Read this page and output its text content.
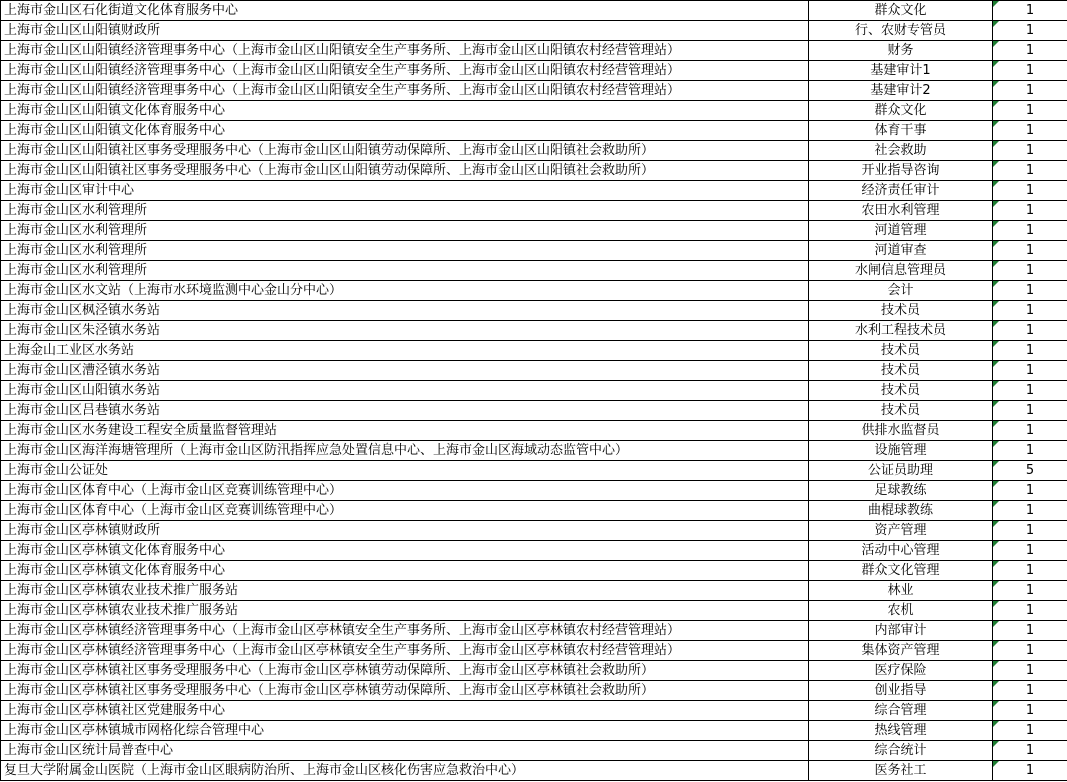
上海市金山区石化街道文化体育服务中心	群众文化	1
上海市金山区山阳镇财政所	行、农财专管员	1
上海市金山区山阳镇经济管理事务中心（上海市金山区山阳镇安全生产事务所、上海市金山区山阳镇农村经营管理站）	财务	1
上海市金山区山阳镇经济管理事务中心（上海市金山区山阳镇安全生产事务所、上海市金山区山阳镇农村经营管理站）	基建审计1	1
上海市金山区山阳镇经济管理事务中心（上海市金山区山阳镇安全生产事务所、上海市金山区山阳镇农村经营管理站）	基建审计2	1
上海市金山区山阳镇文化体育服务中心	群众文化	1
上海市金山区山阳镇文化体育服务中心	体育干事	1
上海市金山区山阳镇社区事务受理服务中心（上海市金山区山阳镇劳动保障所、上海市金山区山阳镇社会救助所）	社会救助	1
上海市金山区山阳镇社区事务受理服务中心（上海市金山区山阳镇劳动保障所、上海市金山区山阳镇社会救助所）	开业指导咨询	1
上海市金山区审计中心	经济责任审计	1
上海市金山区水利管理所	农田水利管理	1
上海市金山区水利管理所	河道管理	1
上海市金山区水利管理所	河道审查	1
上海市金山区水利管理所	水闸信息管理员	1
上海市金山区水文站（上海市水环境监测中心金山分中心）	会计	1
上海市金山区枫泾镇水务站	技术员	1
上海市金山区朱泾镇水务站	水利工程技术员	1
上海金山工业区水务站	技术员	1
上海市金山区漕泾镇水务站	技术员	1
上海市金山区山阳镇水务站	技术员	1
上海市金山区吕巷镇水务站	技术员	1
上海市金山区水务建设工程安全质量监督管理站	供排水监督员	1
上海市金山区海洋海塘管理所（上海市金山区防汛指挥应急处置信息中心、上海市金山区海域动态监管中心）	设施管理	1
上海市金山公证处	公证员助理	5
上海市金山区体育中心（上海市金山区竞赛训练管理中心）	足球教练	1
上海市金山区体育中心（上海市金山区竞赛训练管理中心）	曲棍球教练	1
上海市金山区亭林镇财政所	资产管理	1
上海市金山区亭林镇文化体育服务中心	活动中心管理	1
上海市金山区亭林镇文化体育服务中心	群众文化管理	1
上海市金山区亭林镇农业技术推广服务站	林业	1
上海市金山区亭林镇农业技术推广服务站	农机	1
上海市金山区亭林镇经济管理事务中心（上海市金山区亭林镇安全生产事务所、上海市金山区亭林镇农村经营管理站）	内部审计	1
上海市金山区亭林镇经济管理事务中心（上海市金山区亭林镇安全生产事务所、上海市金山区亭林镇农村经营管理站）	集体资产管理	1
上海市金山区亭林镇社区事务受理服务中心（上海市金山区亭林镇劳动保障所、上海市金山区亭林镇社会救助所）	医疗保险	1
上海市金山区亭林镇社区事务受理服务中心（上海市金山区亭林镇劳动保障所、上海市金山区亭林镇社会救助所）	创业指导	1
上海市金山区亭林镇社区党建服务中心	综合管理	1
上海市金山区亭林镇城市网格化综合管理中心	热线管理	1
上海市金山区统计局普查中心	综合统计	1
复旦大学附属金山医院（上海市金山区眼病防治所、上海市金山区核化伤害应急救治中心）	医务社工	1
